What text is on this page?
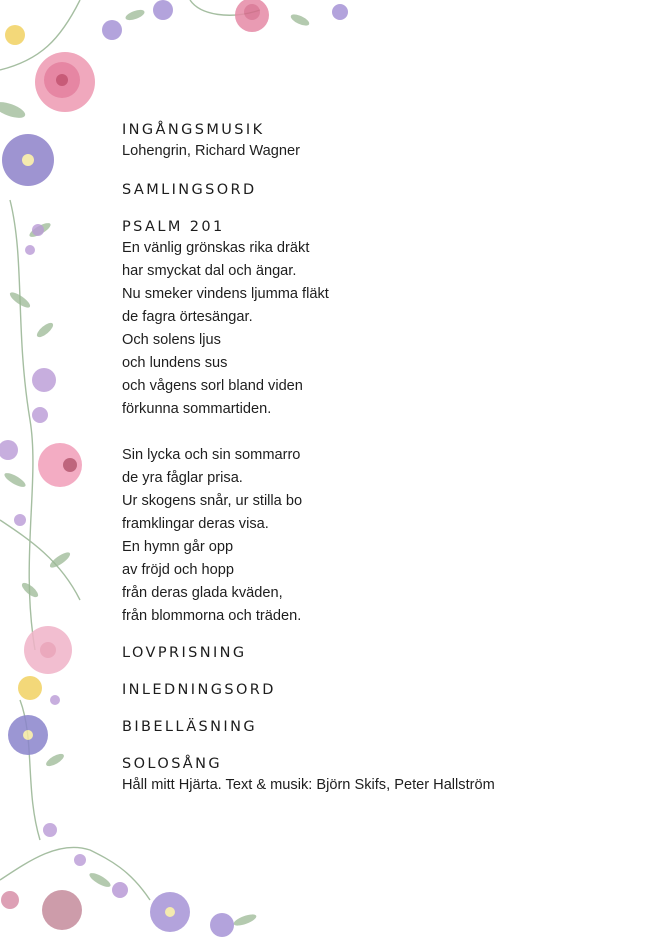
INGÅNGSMUSIK
Lohengrin, Richard Wagner
SAMLINGSORD
PSALM 201
En vänlig grönskas rika dräkt
har smyckat dal och ängar.
Nu smeker vindens ljumma fläkt
de fagra örtesängar.
Och solens ljus
och lundens sus
och vågens sorl bland viden
förkunna sommartiden.
Sin lycka och sin sommarro
de yra fåglar prisa.
Ur skogens snår, ur stilla bo
framklingar deras visa.
En hymn går opp
av fröjd och hopp
från deras glada kväden,
från blommorna och träden.
LOVPRISNING
INLEDNINGSORD
BIBELLÄSNING
SOLOSÅNG
Håll mitt Hjärta. Text & musik: Björn Skifs, Peter Hallström
